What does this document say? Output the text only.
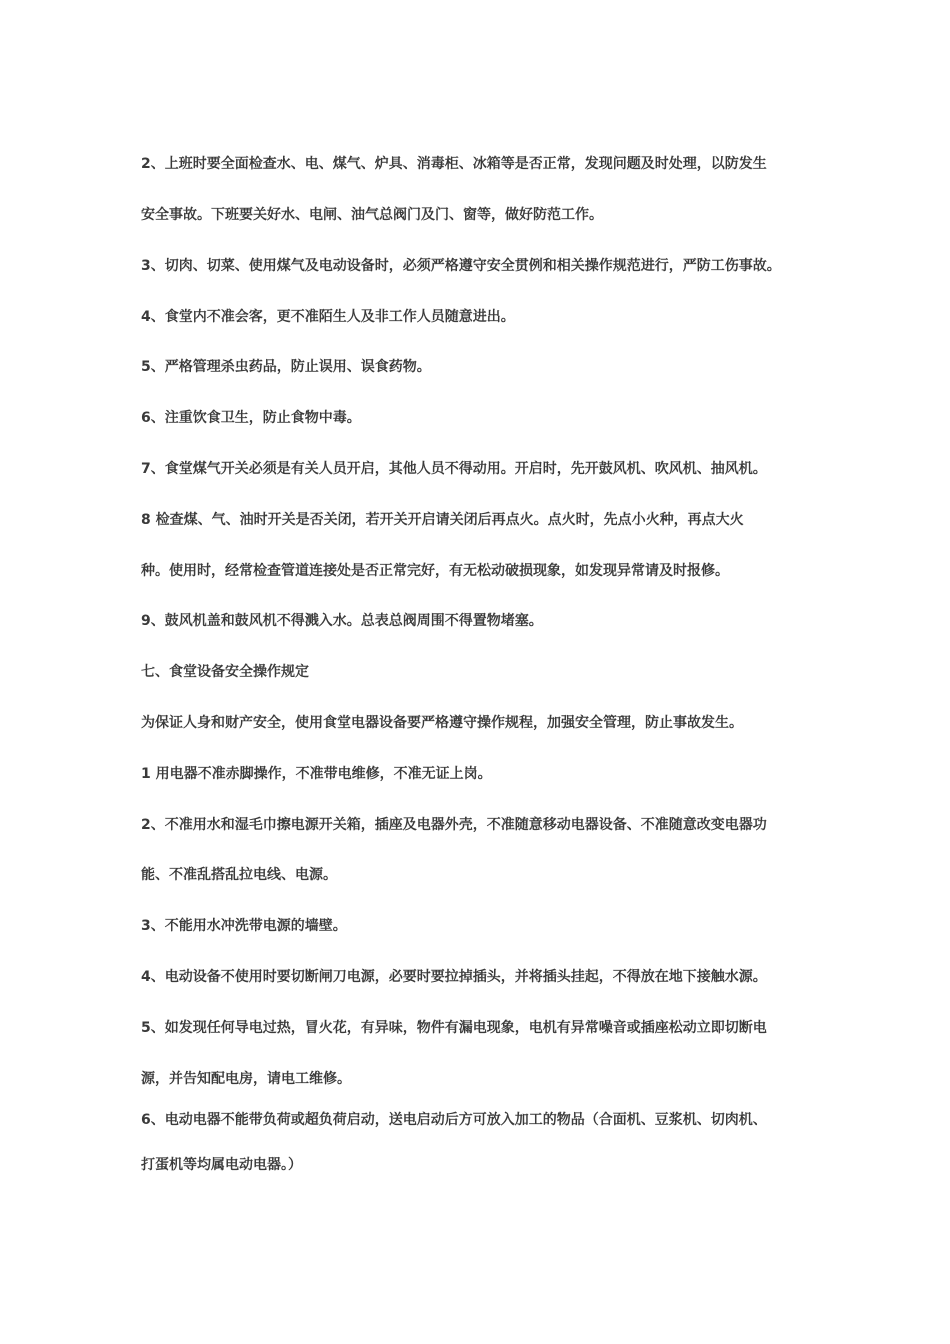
2、上班时要全面检查水、电、煤气、炉具、消毒柜、冰箱等是否正常，发现问题及时处理，以防发生

安全事故。下班要关好水、电闸、油气总阀门及门、窗等，做好防范工作。

3、切肉、切菜、使用煤气及电动设备时，必须严格遵守安全贯例和相关操作规范进行，严防工伤事故。

4、食堂内不准会客，更不准陌生人及非工作人员随意进出。

5、严格管理杀虫药品，防止误用、误食药物。

6、注重饮食卫生，防止食物中毒。

7、食堂煤气开关必须是有关人员开启，其他人员不得动用。开启时，先开鼓风机、吹风机、抽风机。

8 检查煤、气、油时开关是否关闭，若开关开启请关闭后再点火。点火时，先点小火种，再点大火

种。使用时，经常检查管道连接处是否正常完好，有无松动破损现象，如发现异常请及时报修。

9、鼓风机盖和鼓风机不得溅入水。总表总阀周围不得置物堵塞。

七、食堂设备安全操作规定

为保证人身和财产安全，使用食堂电器设备要严格遵守操作规程，加强安全管理，防止事故发生。

1 用电器不准赤脚操作，不准带电维修，不准无证上岗。

2、不准用水和湿毛巾擦电源开关箱，插座及电器外壳，不准随意移动电器设备、不准随意改变电器功

能、不准乱搭乱拉电线、电源。

3、不能用水冲洗带电源的墙壁。

4、电动设备不使用时要切断闸刀电源，必要时要拉掉插头，并将插头挂起，不得放在地下接触水源。

5、如发现任何导电过热，冒火花，有异味，物件有漏电现象，电机有异常噪音或插座松动立即切断电

源，并告知配电房，请电工维修。

6、电动电器不能带负荷或超负荷启动，送电启动后方可放入加工的物品（合面机、豆浆机、切肉机、

打蛋机等均属电动电器。）
